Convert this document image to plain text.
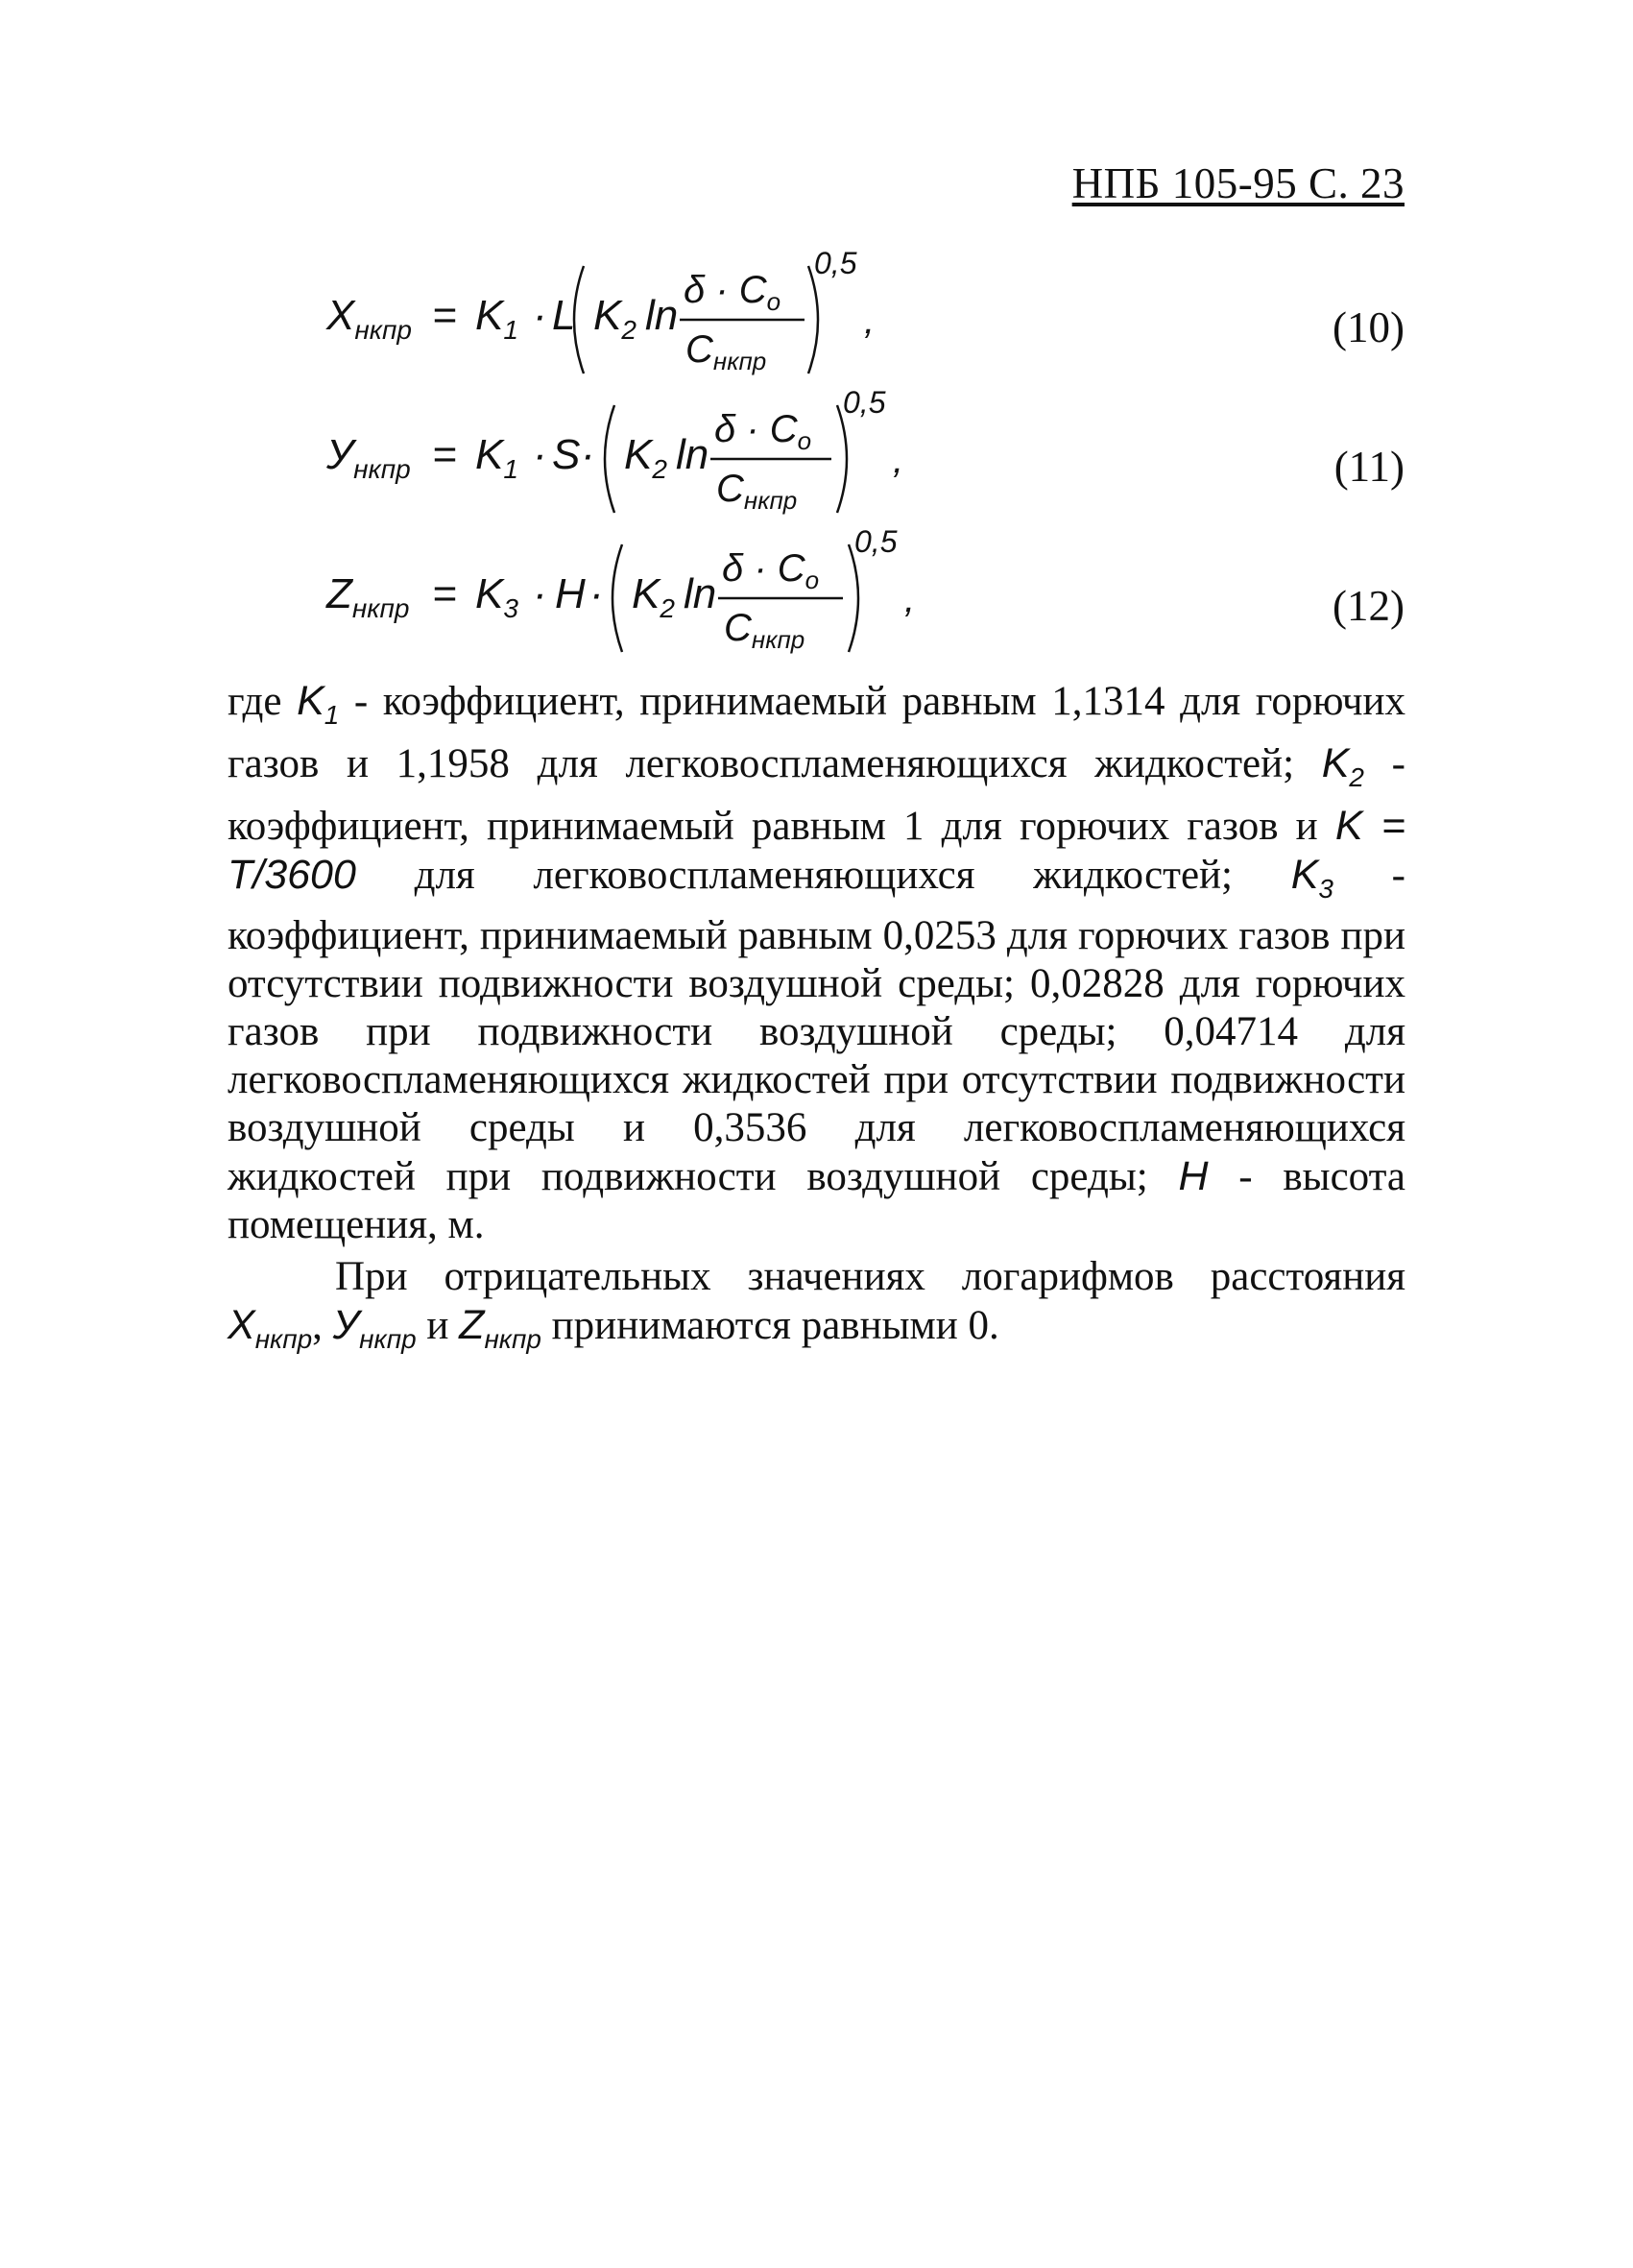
НПБ 105-95 С. 23
$X_{нкпр} = K_1 \cdot L$ $K_2$ ln
$\delta \cdot C_o$
$C_{нкпр}$
0,5
,	(10)
$У_{нкпр} = K_1 \cdot S \cdot K_2$ ln
$\delta \cdot C_o$
$C_{нкпр}$
0,5
,	(11)
$Z_{нкпр} = K_3 \cdot H \cdot K_2$ ln
$\delta \cdot C_o$
$C_{нкпр}$
0,5
,	(12)

где $K_1$ - коэффициент, принимаемый равным 1,1314 для горючих газов и 1,1958 для легковоспламеняющихся жидкостей; $K_2$ - коэффициент, принимаемый равным 1 для горючих газов и K = T/3600 для легковоспламеняющихся жидкостей; $K_3$ - коэффициент, принимаемый равным 0,0253 для горючих газов при отсутствии подвижности воздушной среды; 0,02828 для горючих газов при подвижности воздушной среды; 0,04714 для легковоспламеняющихся жидкостей при отсутствии подвижности воздушной среды и 0,3536 для легковоспламеняющихся жидкостей при подвижности воздушной среды; H - высота помещения, м.

При отрицательных значениях логарифмов расстояния $X_{нкпр}$, $У_{нкпр}$ и $Z_{нкпр}$ принимаются равными 0.
